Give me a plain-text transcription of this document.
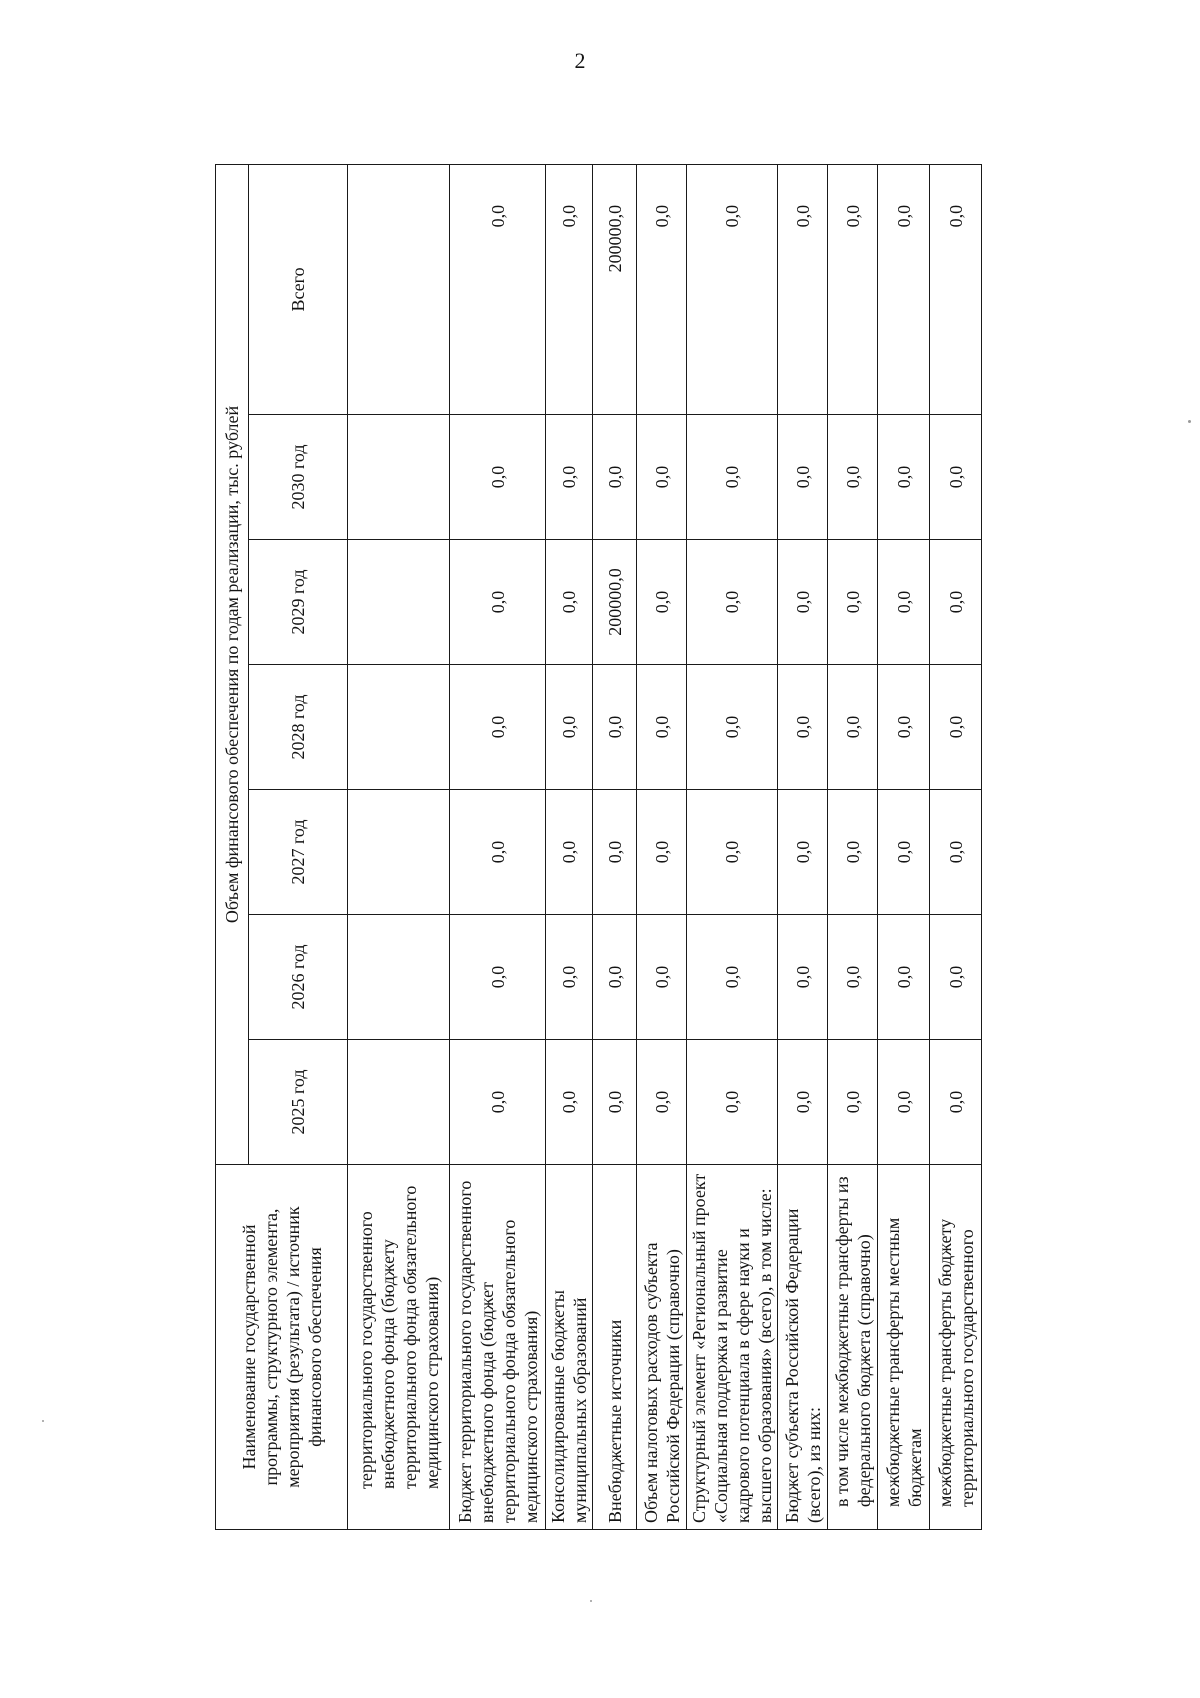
2
Наименование государственной программы, структурного элемента, мероприятия (результата) / источник финансового обеспечения	Объем финансового обеспечения по годам реализации, тыс. рублей						
	2025 год	2026 год	2027 год	2028 год	2029 год	2030 год	Всего
территориального государственного внебюджетного фонда (бюджету территориального фонда обязательного медицинского страхования)							
Бюджет территориального государственного внебюджетного фонда (бюджет территориального фонда обязательного медицинского страхования)	0,0	0,0	0,0	0,0	0,0	0,0	0,0
Консолидированные бюджеты муниципальных образований	0,0	0,0	0,0	0,0	0,0	0,0	0,0
Внебюджетные источники	0,0	0,0	0,0	0,0	200000,0	0,0	200000,0
Объем налоговых расходов субъекта Российской Федерации (справочно)	0,0	0,0	0,0	0,0	0,0	0,0	0,0
Структурный элемент «Региональный проект «Социальная поддержка и развитие кадрового потенциала в сфере науки и высшего образования» (всего), в том числе:	0,0	0,0	0,0	0,0	0,0	0,0	0,0
Бюджет субъекта Российской Федерации (всего), из них:	0,0	0,0	0,0	0,0	0,0	0,0	0,0
в том числе межбюджетные трансферты из федерального бюджета (справочно)	0,0	0,0	0,0	0,0	0,0	0,0	0,0
межбюджетные трансферты местным бюджетам	0,0	0,0	0,0	0,0	0,0	0,0	0,0
межбюджетные трансферты бюджету территориального государственного	0,0	0,0	0,0	0,0	0,0	0,0	0,0
